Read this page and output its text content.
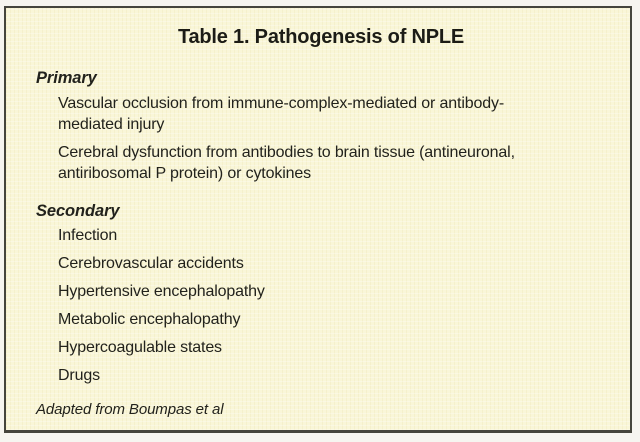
Table 1. Pathogenesis of NPLE
Primary

Vascular occlusion from immune-complex-mediated or antibody-mediated injury

Cerebral dysfunction from antibodies to brain tissue (antineuronal, antiribosomal P protein) or cytokines

Secondary

Infection

Cerebrovascular accidents

Hypertensive encephalopathy

Metabolic encephalopathy

Hypercoagulable states

Drugs

Adapted from Boumpas et al
